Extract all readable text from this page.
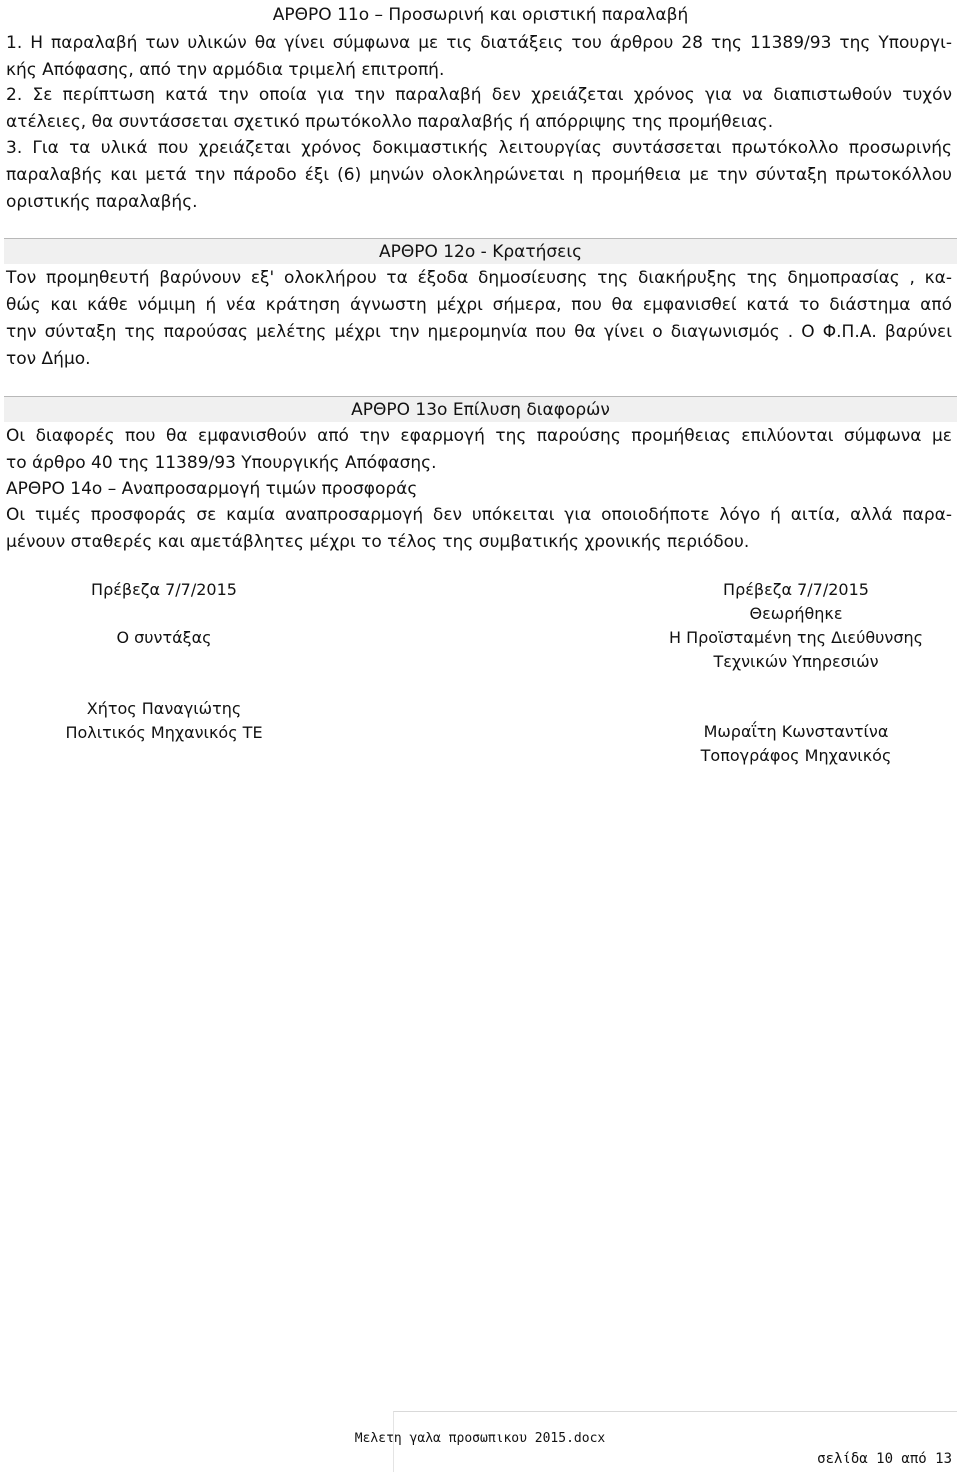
ΑΡΘΡΟ 11ο – Προσωρινή και οριστική παραλαβή
1. Η παραλαβή των υλικών θα γίνει σύμφωνα με τις διατάξεις του άρθρου 28 της 11389/93 της Υπουργι-
κής Απόφασης, από την αρμόδια τριμελή επιτροπή.
2. Σε περίπτωση κατά την οποία για την παραλαβή δεν χρειάζεται χρόνος για να διαπιστωθούν τυχόν
ατέλειες, θα συντάσσεται σχετικό πρωτόκολλο παραλαβής ή απόρριψης της προμήθειας.
3. Για τα υλικά που χρειάζεται χρόνος δοκιμαστικής λειτουργίας συντάσσεται πρωτόκολλο προσωρινής
παραλαβής και μετά την πάροδο έξι (6) μηνών ολοκληρώνεται η προμήθεια με την σύνταξη πρωτοκόλλου
οριστικής παραλαβής.
ΑΡΘΡΟ 12ο - Κρατήσεις
Τον προμηθευτή βαρύνουν εξ' ολοκλήρου τα έξοδα δημοσίευσης της διακήρυξης της δημοπρασίας , κα-
θώς και κάθε νόμιμη ή νέα κράτηση άγνωστη μέχρι σήμερα, που θα εμφανισθεί κατά το διάστημα από
την σύνταξη της παρούσας μελέτης μέχρι την ημερομηνία που θα γίνει ο διαγωνισμός . Ο Φ.Π.Α. βαρύνει
τον Δήμο.
ΑΡΘΡΟ 13ο Επίλυση διαφορών
Οι διαφορές που θα εμφανισθούν από την εφαρμογή της παρούσης προμήθειας επιλύονται σύμφωνα με
το άρθρο 40 της 11389/93 Υπουργικής Απόφασης.
ΑΡΘΡΟ 14ο – Αναπροσαρμογή τιμών προσφοράς
Οι τιμές προσφοράς σε καμία αναπροσαρμογή δεν υπόκειται για οποιοδήποτε λόγο ή αιτία, αλλά παρα-
μένουν σταθερές και αμετάβλητες μέχρι το τέλος της συμβατικής χρονικής περιόδου.
Πρέβεζα 7/7/2015
Ο συντάξας
Χήτος Παναγιώτης
Πολιτικός Μηχανικός ΤΕ
Πρέβεζα 7/7/2015
Θεωρήθηκε
Η Προϊσταμένη της Διεύθυνσης
Τεχνικών Υπηρεσιών
Μωραΐτη Κωνσταντίνα
Τοπογράφος Μηχανικός
Μελετη γαλα προσωπικου 2015.docx
σελίδα 10 από 13
